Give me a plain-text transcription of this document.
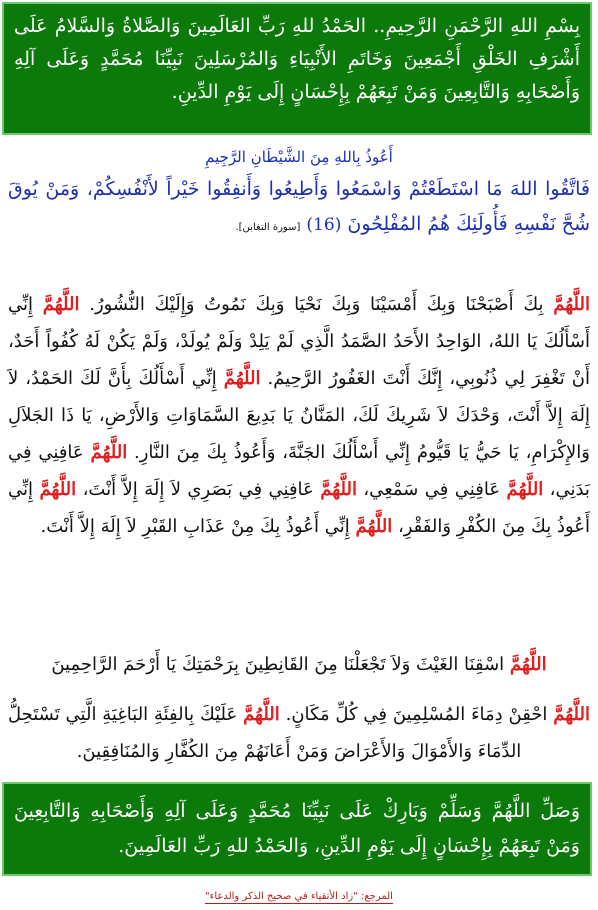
بِسْمِ اللهِ الرَّحْمَنِ الرَّحِيمِ.. الحَمْدُ للهِ رَبِّ العَالَمِينَ وَالصَّلاةُ وَالسَّلامُ عَلَى أَشْرَفِ الخَلْقِ أَجْمَعِينَ وَخَاتَمِ الأَنْبِيَاءِ وَالمُرْسَلِينَ نَبِيِّنَا مُحَمَّدٍ وَعَلَى آلِهِ وَأَصْحَابِهِ وَالتَّابِعِينَ وَمَنْ تَبِعَهُمْ بِإِحْسَانٍ إِلَى يَوْمِ الدِّينِ.

أَعُوذُ بِاللهِ مِنَ الشَّيْطَانِ الرَّجِيمِ

فَاتَّقُوا اللهَ مَا اسْتَطَعْتُمْ وَاسْمَعُوا وَأَطِيعُوا وَأَنفِقُوا خَيْراً لأَنْفُسِكُمْ، وَمَنْ يُوقَ شُحَّ نَفْسِهِ فَأُولَئِكَ هُمُ المُفْلِحُونَ (16) [سورة التغابن].

اللَّهُمَّ بِكَ أَصْبَحْنَا وَبِكَ أَمْسَيْنَا وَبِكَ نَحْيَا وَبِكَ نَمُوتُ وَإِلَيْكَ النُّشُورُ. اللَّهُمَّ إِنِّي أَسْأَلُكَ يَا اللهُ، الوَاحِدُ الأَحَدُ الصَّمَدُ الَّذِي لَمْ يَلِدْ وَلَمْ يُولَدْ، وَلَمْ يَكُنْ لَهُ كُفُواً أَحَدٌ، أَنْ تَغْفِرَ لِي ذُنُوبِي، إِنَّكَ أَنْتَ الغَفُورُ الرَّحِيمُ. اللَّهُمَّ إِنِّي أَسْأَلُكَ بِأَنَّ لَكَ الحَمْدُ، لاَ إِلَهَ إِلاَّ أَنْتَ، وَحْدَكَ لاَ شَرِيكَ لَكَ، المَنَّانُ يَا بَدِيعَ السَّمَاوَاتِ وَالأَرْضِ، يَا ذَا الجَلاَلِ وَالإِكْرَامِ، يَا حَيُّ يَا قَيُّومُ إِنِّي أَسْأَلُكَ الجَنَّةَ، وَأَعُوذُ بِكَ مِنَ النَّارِ. اللَّهُمَّ عَافِنِي فِي بَدَنِي، اللَّهُمَّ عَافِنِي فِي سَمْعِي، اللَّهُمَّ عَافِنِي فِي بَصَرِي لاَ إِلَهَ إِلاَّ أَنْتَ، اللَّهُمَّ إِنِّي أَعُوذُ بِكَ مِنَ الكُفْرِ وَالفَقْرِ، اللَّهُمَّ إِنِّي أَعُوذُ بِكَ مِنْ عَذَابِ القَبْرِ لاَ إِلَهَ إِلاَّ أَنْتَ.

اللَّهُمَّ اسْقِنَا الغَيْثَ وَلاَ تَجْعَلْنَا مِنَ القَانِطِينَ بِرَحْمَتِكَ يَا أَرْحَمَ الرَّاحِمِينَ

اللَّهُمَّ احْقِنْ دِمَاءَ المُسْلِمِينَ فِي كُلِّ مَكَانٍ. اللَّهُمَّ عَلَيْكَ بِالفِئَةِ البَاغِيَةِ الَّتِي تَسْتَحِلُّ الدِّمَاءَ وَالأَمْوَالَ وَالأَعْرَاضَ وَمَنْ أَعَانَهُمْ مِنَ الكُفَّارِ وَالمُنَافِقِينَ.

وَصَلِّ اللَّهُمَّ وَسَلِّمْ وَبَارِكْ عَلَى نَبِيِّنَا مُحَمَّدٍ وَعَلَى آلِهِ وَأَصْحَابِهِ وَالتَّابِعِينَ وَمَنْ تَبِعَهُمْ بِإِحْسَانٍ إِلَى يَوْمِ الدِّينِ، وَالحَمْدُ للهِ رَبِّ العَالَمِينَ.

المرجع: "زاد الأتقياء في صحيح الذكر والدعاء"
